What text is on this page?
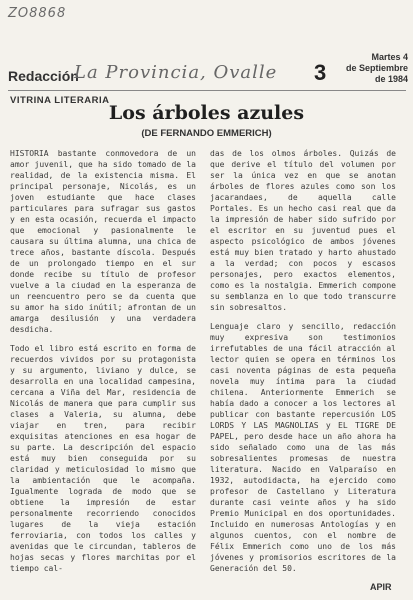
ZO8868
Redacción
La Provincia, Ovalle 3
Martes 4
de Septiembre
de 1984
VITRINA LITERARIA
Los árboles azules
(DE FERNANDO EMMERICH)

HISTORIA bastante conmovedora de un amor juvenil, que ha sido tomado de la realidad, de la existencia misma. El principal personaje, Nicolás, es un joven estudiante que hace clases particulares para sufragar sus gastos y en esta ocasión, recuerda el impacto que emocional y pasionalmente le causara su última alumna, una chica de trece años, bastante díscola. Después de un prolongado tiempo en el sur donde recibe su título de profesor vuelve a la ciudad en la esperanza de un reencuentro pero se da cuenta que su amor ha sido inútil; afrontan de un amarga desilusión y una verdadera desdicha.

Todo el libro está escrito en forma de recuerdos vividos por su protagonista y su argumento, liviano y dulce, se desarrolla en una localidad campesina, cercana a Viña del Mar, residencia de Nicolás de manera que para cumplir sus clases a Valeria, su alumna, debe viajar en tren, para recibir exquisitas atenciones en esa hogar de su parte. La descripción del espacio está muy bien conseguida por su claridad y meticulosidad lo mismo que la ambientación que le acompaña. Igualmente lograda de modo que se obtiene la impresión de estar personalmente recorriendo conocidos lugares de la vieja estación ferroviaria, con todos los calles y avenidas que le circundan, tableros de hojas secas y flores marchitas por el tiempo cal-

das de los olmos árboles. Quizás de que derive el título del volumen por ser la única vez en que se anotan árboles de flores azules como son los jacarandaes, de aquella calle Portales. Es un hecho casi real que da la impresión de haber sido sufrido por el escritor en su juventud pues el aspecto psicológico de ambos jóvenes está muy bien tratado y harto ahustado a la verdad; con pocos y escasos personajes, pero exactos elementos, como es la nostalgia. Emmerich compone su semblanza en lo que todo transcurre sin sobresaltos.

Lenguaje claro y sencillo, redacción muy expresiva son testimonios irrefutables de una fácil atracción al lector quien se opera en términos los casi noventa páginas de esta pequeña novela muy íntima para la ciudad chilena. Anteriormente Emmerich se había dado a conocer a los lectores al publicar con bastante repercusión LOS LORDS Y LAS MAGNOLIAS y EL TIGRE DE PAPEL, pero desde hace un año ahora ha sido señalado como una de las más sobresalientes promesas de nuestra literatura. Nacido en Valparaíso en 1932, autodidacta, ha ejercido como profesor de Castellano y Literatura durante casi veinte años y ha sido Premio Municipal en dos oportunidades. Incluido en numerosas Antologías y en algunos cuentos, con el nombre de Félix Emmerich como uno de los más jóvenes y promisorios escritores de la Generación del 50.

APIR
